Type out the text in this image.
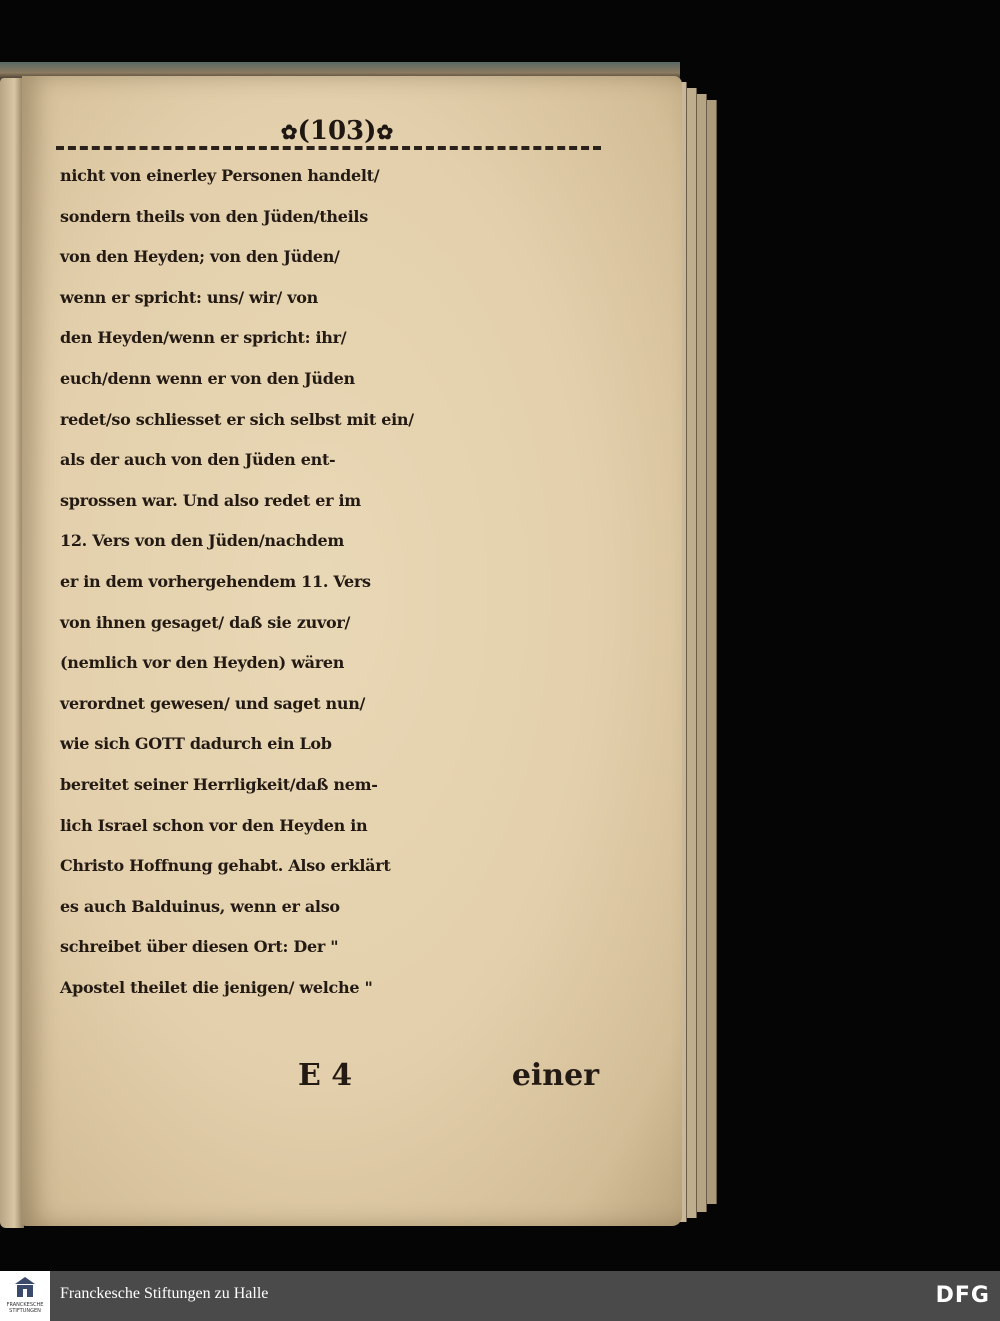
✿(103)✿
nicht von einerley Personen handelt/
sondern theils von den Jüden/theils
von den Heyden; von den Jüden/
wenn er spricht: uns/ wir/ von
den Heyden/wenn er spricht: ihr/
euch/denn wenn er von den Jüden
redet/so schliesset er sich selbst mit ein/
als der auch von den Jüden ent-
sprossen war. Und also redet er im
12. Vers von den Jüden/nachdem
er in dem vorhergehendem 11. Vers
von ihnen gesaget/ daß sie zuvor/
(nemlich vor den Heyden) wären
verordnet gewesen/ und saget nun/
wie sich GOTT dadurch ein Lob
bereitet seiner Herrligkeit/daß nem-
lich Israel schon vor den Heyden in
Christo Hoffnung gehabt. Also erklärt
es auch Balduinus, wenn er also
schreibet über diesen Ort: Der "
Apostel theilet die jenigen/ welche "
E 4	einer
FRANCKESCHE STIFTUNGEN
Franckesche Stiftungen zu Halle	DFG
